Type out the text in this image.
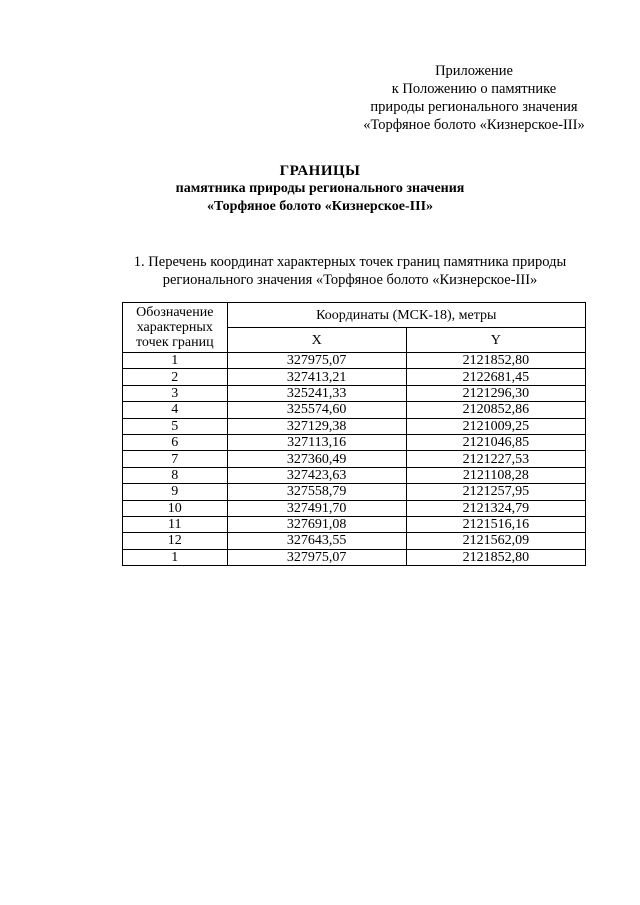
Приложение
к Положению о памятнике
природы регионального значения
«Торфяное болото «Кизнерское-III»
ГРАНИЦЫ
памятника природы регионального значения
«Торфяное болото «Кизнерское-III»
1. Перечень координат характерных точек границ памятника природы
регионального значения «Торфяное болото «Кизнерское-III»
Обозначение характерных точек границ	Координаты (МСК-18), метры	
	X	Y
1	327975,07	2121852,80
2	327413,21	2122681,45
3	325241,33	2121296,30
4	325574,60	2120852,86
5	327129,38	2121009,25
6	327113,16	2121046,85
7	327360,49	2121227,53
8	327423,63	2121108,28
9	327558,79	2121257,95
10	327491,70	2121324,79
11	327691,08	2121516,16
12	327643,55	2121562,09
1	327975,07	2121852,80
